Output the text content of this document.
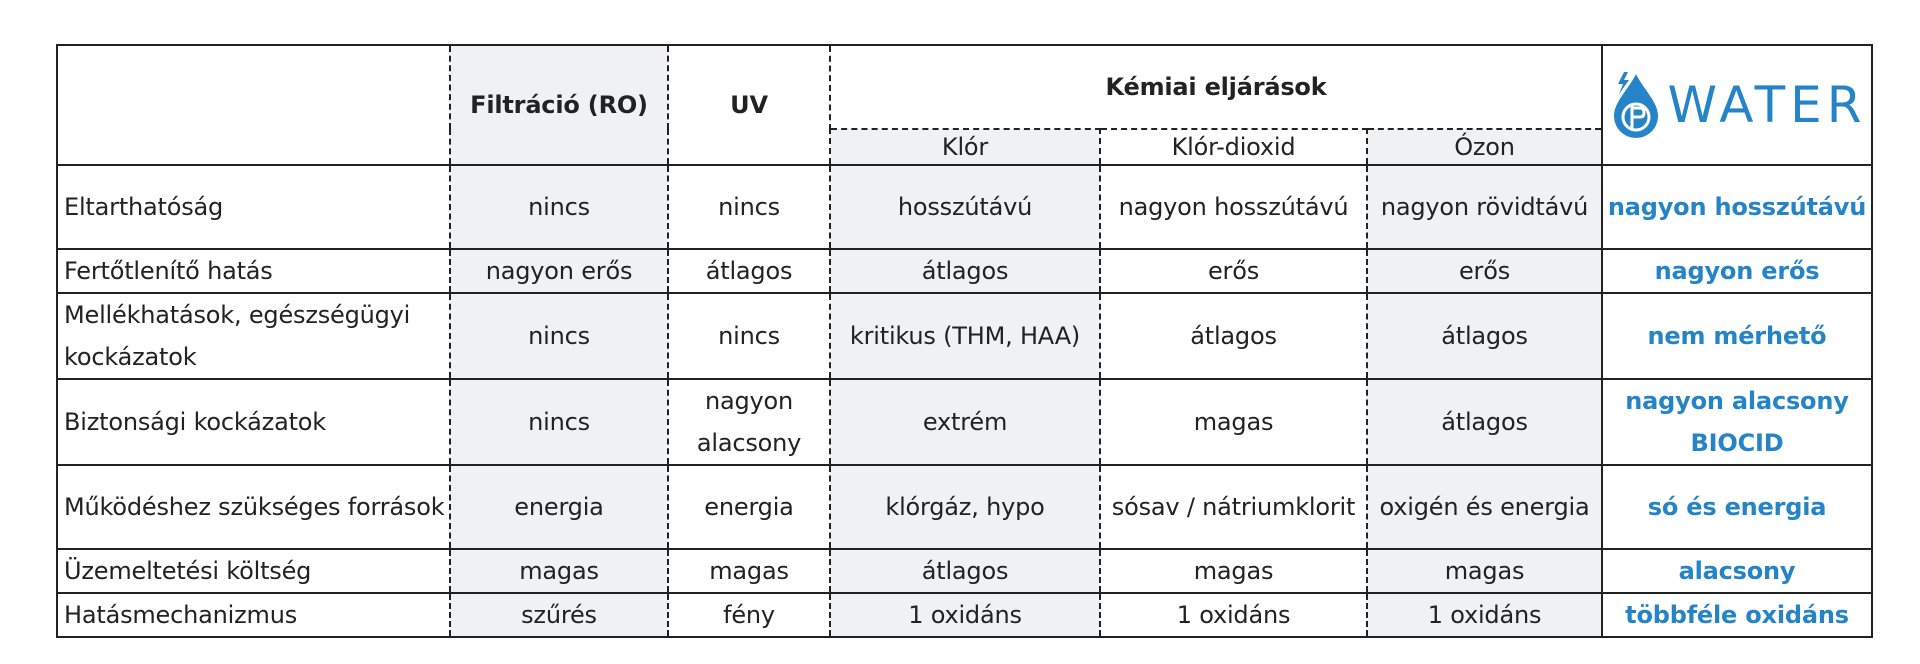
	Filtráció (RO)	UV	Kémiai eljárások			WATER

			Klór	Klór-dioxid	Ózon	
Eltarthatóság	nincs	nincs	hosszútávú	nagyon hosszútávú	nagyon rövidtávú	nagyon hosszútávú
Fertőtlenítő hatás	nagyon erős	átlagos	átlagos	erős	erős	nagyon erős
Mellékhatások, egészségügyi kockázatok	nincs	nincs	kritikus (THM, HAA)	átlagos	átlagos	nem mérhető
Biztonsági kockázatok	nincs	nagyon alacsony	extrém	magas	átlagos	nagyon alacsony BIOCID
Működéshez szükséges források	energia	energia	klórgáz, hypo	sósav / nátriumklorit	oxigén és energia	só és energia
Üzemeltetési költség	magas	magas	átlagos	magas	magas	alacsony
Hatásmechanizmus	szűrés	fény	1 oxidáns	1 oxidáns	1 oxidáns	többféle oxidáns
